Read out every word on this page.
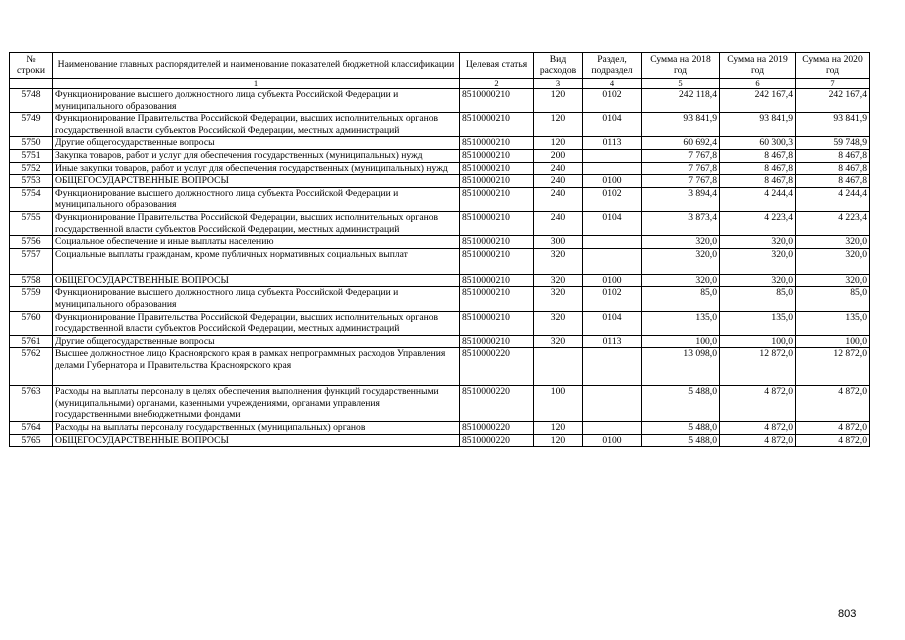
№ строки	Наименование главных распорядителей и наименование показателей бюджетной классификации	Целевая статья	Вид расходов	Раздел, подраздел	Сумма на 2018 год	Сумма на 2019 год	Сумма на 2020 год
	1	2	3	4	5	6	7
5748	Функционирование высшего должностного лица субъекта Российской Федерации и муниципального образования	8510000210	120	0102	242 118,4	242 167,4	242 167,4
5749	Функционирование Правительства Российской Федерации, высших исполнительных органов государственной власти субъектов Российской Федерации, местных администраций	8510000210	120	0104	93 841,9	93 841,9	93 841,9
5750	Другие общегосударственные вопросы	8510000210	120	0113	60 692,4	60 300,3	59 748,9
5751	Закупка товаров, работ и услуг для обеспечения государственных (муниципальных) нужд	8510000210	200		7 767,8	8 467,8	8 467,8
5752	Иные закупки товаров, работ и услуг для обеспечения государственных (муниципальных) нужд	8510000210	240		7 767,8	8 467,8	8 467,8
5753	ОБЩЕГОСУДАРСТВЕННЫЕ ВОПРОСЫ	8510000210	240	0100	7 767,8	8 467,8	8 467,8
5754	Функционирование высшего должностного лица субъекта Российской Федерации и муниципального образования	8510000210	240	0102	3 894,4	4 244,4	4 244,4
5755	Функционирование Правительства Российской Федерации, высших исполнительных органов государственной власти субъектов Российской Федерации, местных администраций	8510000210	240	0104	3 873,4	4 223,4	4 223,4
5756	Социальное обеспечение и иные выплаты населению	8510000210	300		320,0	320,0	320,0
5757	Социальные выплаты гражданам, кроме публичных нормативных социальных выплат	8510000210	320		320,0	320,0	320,0
5758	ОБЩЕГОСУДАРСТВЕННЫЕ ВОПРОСЫ	8510000210	320	0100	320,0	320,0	320,0
5759	Функционирование высшего должностного лица субъекта Российской Федерации и муниципального образования	8510000210	320	0102	85,0	85,0	85,0
5760	Функционирование Правительства Российской Федерации, высших исполнительных органов государственной власти субъектов Российской Федерации, местных администраций	8510000210	320	0104	135,0	135,0	135,0
5761	Другие общегосударственные вопросы	8510000210	320	0113	100,0	100,0	100,0
5762	Высшее должностное лицо Красноярского края в рамках непрограммных расходов Управления делами Губернатора и Правительства Красноярского края	8510000220			13 098,0	12 872,0	12 872,0
5763	Расходы на выплаты персоналу в целях обеспечения выполнения функций государственными (муниципальными) органами, казенными учреждениями, органами управления государственными внебюджетными фондами	8510000220	100		5 488,0	4 872,0	4 872,0
5764	Расходы на выплаты персоналу государственных (муниципальных) органов	8510000220	120		5 488,0	4 872,0	4 872,0
5765	ОБЩЕГОСУДАРСТВЕННЫЕ ВОПРОСЫ	8510000220	120	0100	5 488,0	4 872,0	4 872,0
803
